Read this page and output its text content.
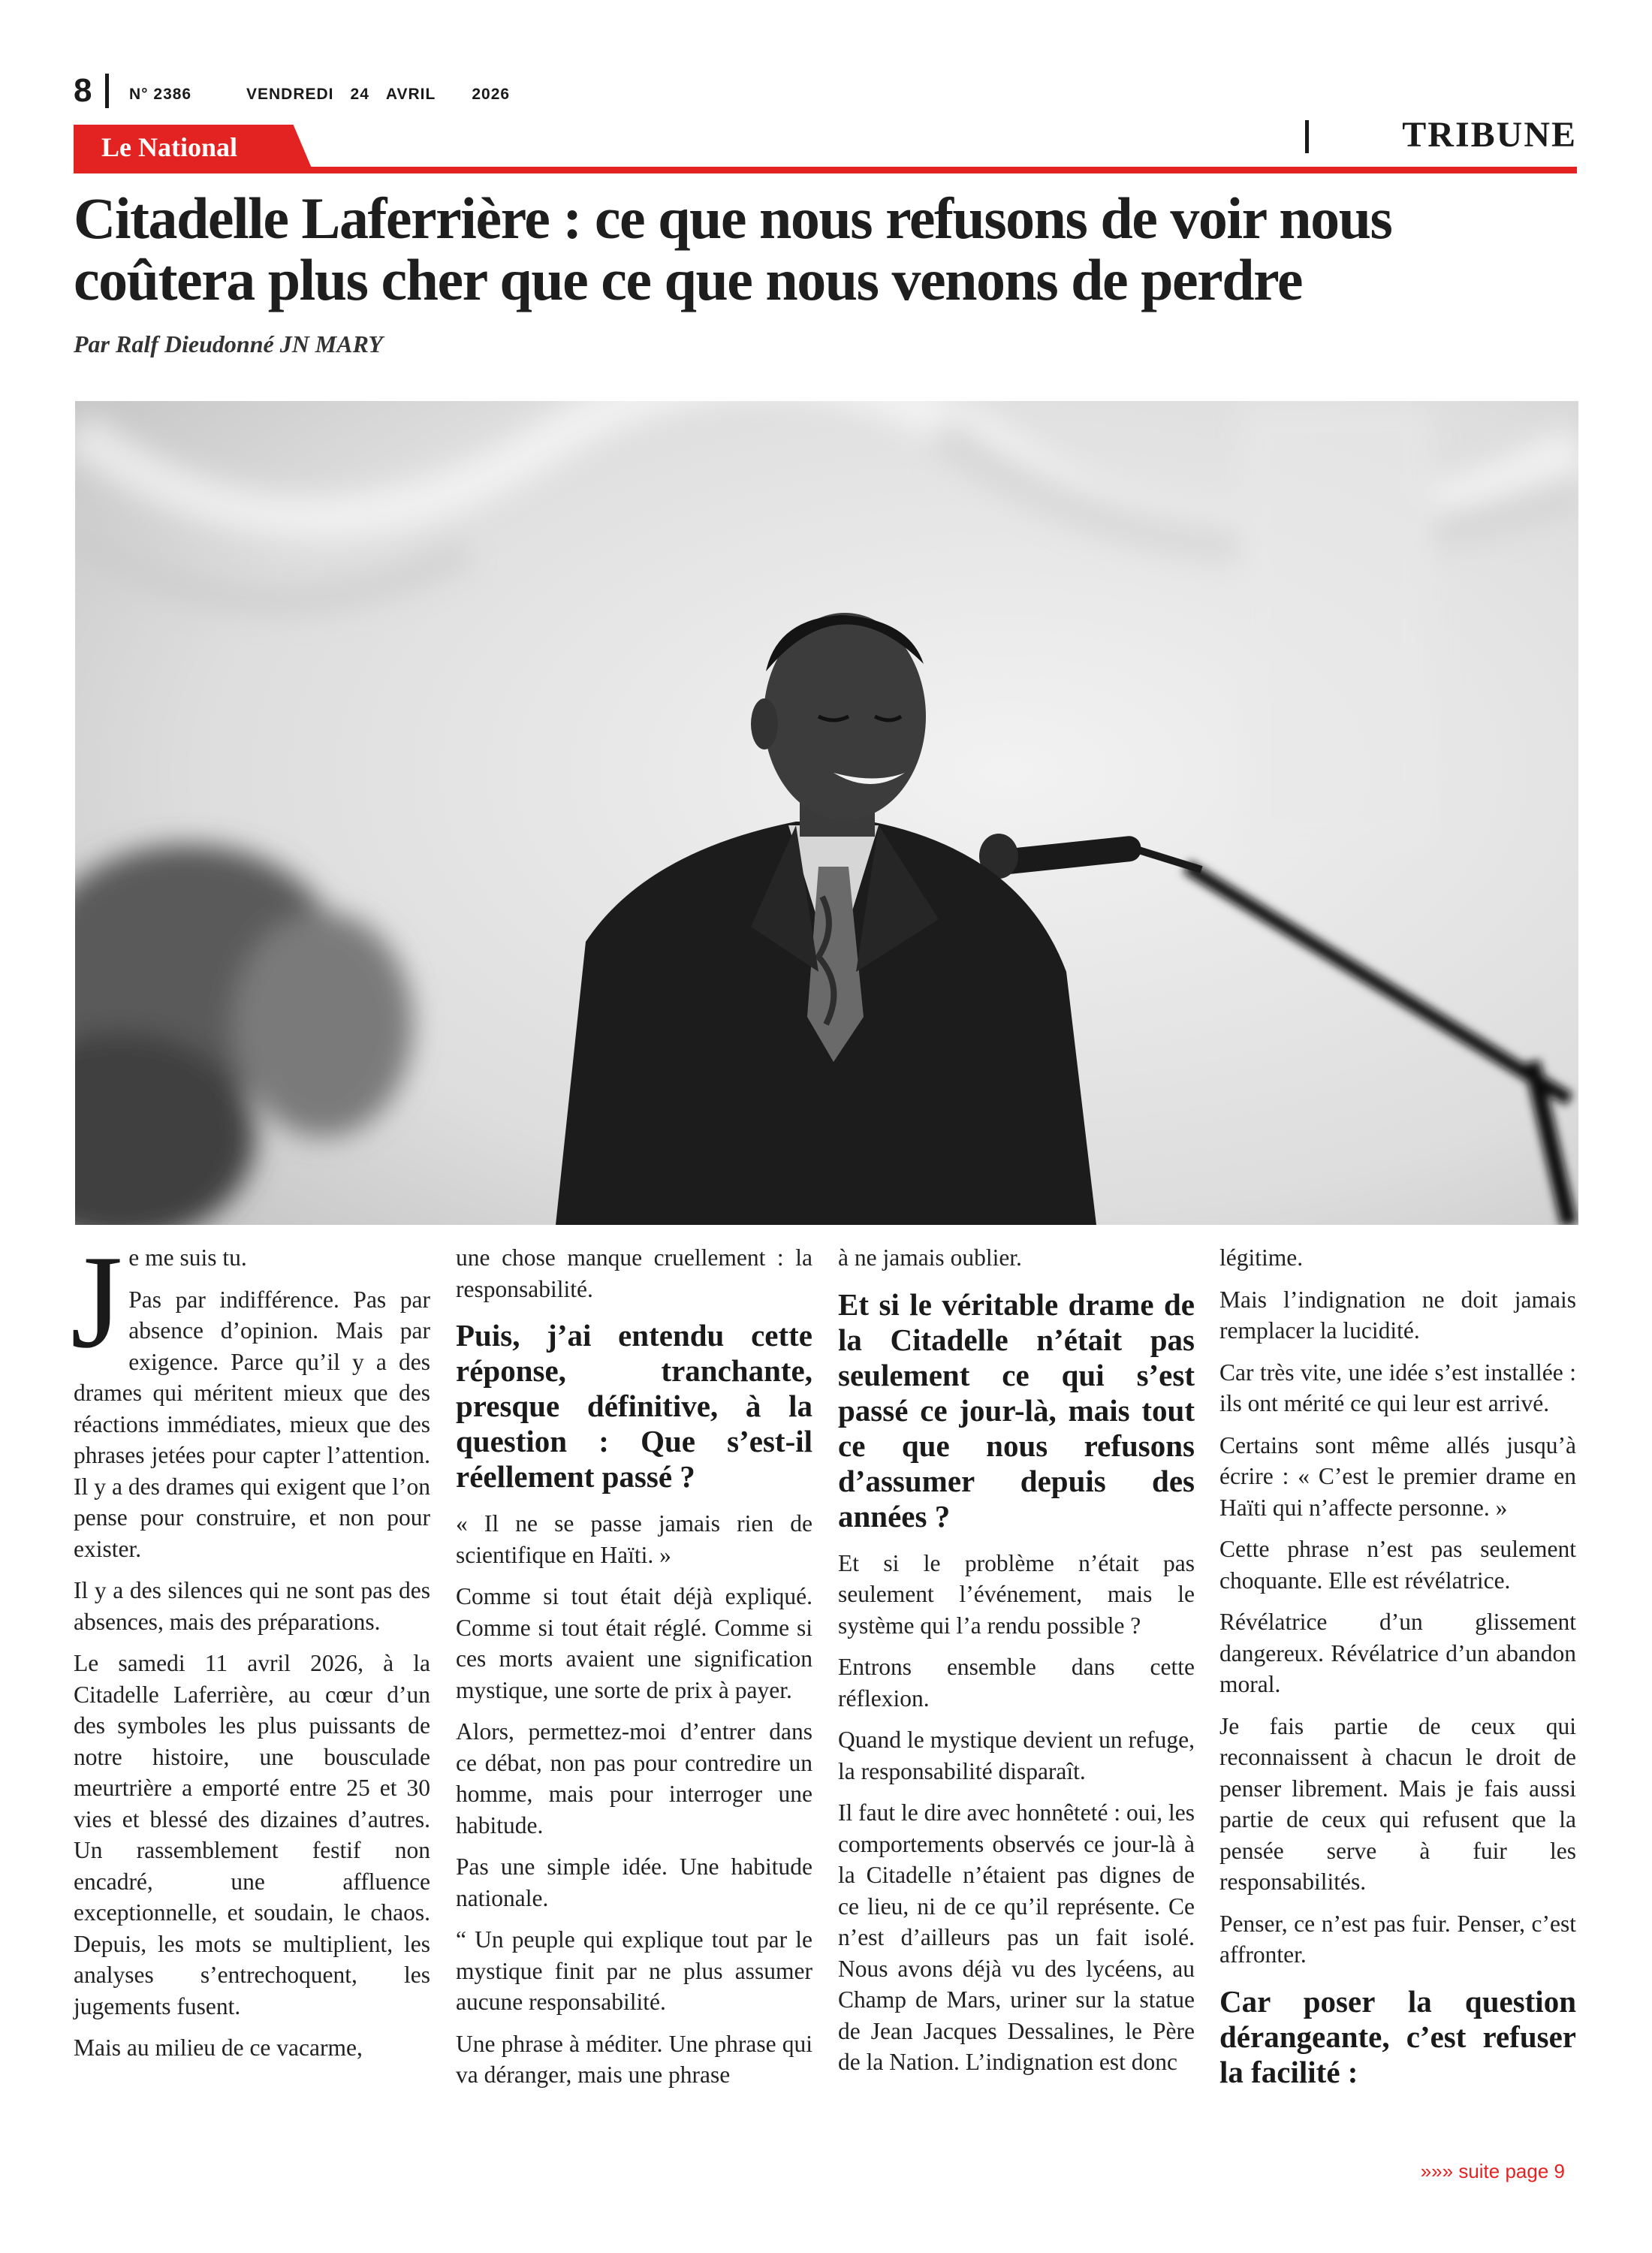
8 N° 2386	VENDREDI 24 AVRIL 2026
Le National	TRIBUNE
Citadelle Laferrière : ce que nous refusons de voir nous coûtera plus cher que ce que nous venons de perdre
Par Ralf Dieudonné JN MARY
J e me suis tu.

Pas par indifférence. Pas par absence d’opinion. Mais par exigence. Parce qu’il y a des drames qui méritent mieux que des réactions immédiates, mieux que des phrases jetées pour capter l’attention. Il y a des drames qui exigent que l’on pense pour construire, et non pour exister.

Il y a des silences qui ne sont pas des absences, mais des préparations.

Le samedi 11 avril 2026, à la Citadelle Laferrière, au cœur d’un des symboles les plus puissants de notre histoire, une bousculade meurtrière a emporté entre 25 et 30 vies et blessé des dizaines d’autres. Un rassemblement festif non encadré, une affluence exceptionnelle, et soudain, le chaos. Depuis, les mots se multiplient, les analyses s’entrechoquent, les jugements fusent.

Mais au milieu de ce vacarme,

une chose manque cruellement : la responsabilité.

Puis, j’ai entendu cette réponse, tranchante, presque définitive, à la question : Que s’est-il réellement passé ?

« Il ne se passe jamais rien de scientifique en Haïti. »

Comme si tout était déjà expliqué. Comme si tout était réglé. Comme si ces morts avaient une signification mystique, une sorte de prix à payer.

Alors, permettez-moi d’entrer dans ce débat, non pas pour contredire un homme, mais pour interroger une habitude.

Pas une simple idée. Une habitude nationale.

“ Un peuple qui explique tout par le mystique finit par ne plus assumer aucune responsabilité.

Une phrase à méditer. Une phrase qui va déranger, mais une phrase

à ne jamais oublier.

Et si le véritable drame de la Citadelle n’était pas seulement ce qui s’est passé ce jour-là, mais tout ce que nous refusons d’assumer depuis des années ?

Et si le problème n’était pas seulement l’événement, mais le système qui l’a rendu possible ?

Entrons ensemble dans cette réflexion.

Quand le mystique devient un refuge, la responsabilité disparaît.

Il faut le dire avec honnêteté : oui, les comportements observés ce jour-là à la Citadelle n’étaient pas dignes de ce lieu, ni de ce qu’il représente. Ce n’est d’ailleurs pas un fait isolé. Nous avons déjà vu des lycéens, au Champ de Mars, uriner sur la statue de Jean Jacques Dessalines, le Père de la Nation. L’indignation est donc

légitime.

Mais l’indignation ne doit jamais remplacer la lucidité.

Car très vite, une idée s’est installée : ils ont mérité ce qui leur est arrivé.

Certains sont même allés jusqu’à écrire : « C’est le premier drame en Haïti qui n’affecte personne. »

Cette phrase n’est pas seulement choquante. Elle est révélatrice.

Révélatrice d’un glissement dangereux. Révélatrice d’un abandon moral.

Je fais partie de ceux qui reconnaissent à chacun le droit de penser librement. Mais je fais aussi partie de ceux qui refusent que la pensée serve à fuir les responsabilités.

Penser, ce n’est pas fuir. Penser, c’est affronter.

Car poser la question dérangeante, c’est refuser la facilité :
»»» suite page 9
